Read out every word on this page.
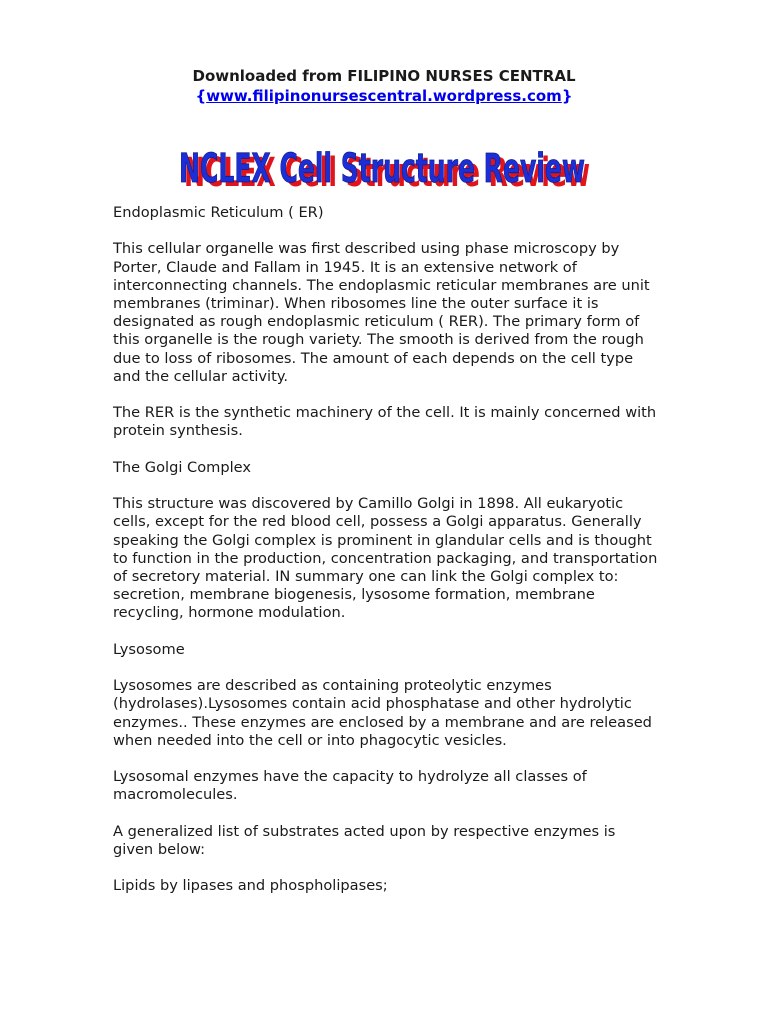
Downloaded from FILIPINO NURSES CENTRAL
{www.filipinonursescentral.wordpress.com}
NCLEX Cell Structure Review
NCLEX Cell Structure Review

Endoplasmic Reticulum ( ER)

This cellular organelle was first described using phase microscopy by Porter, Claude and Fallam in 1945. It is an extensive network of interconnecting channels. The endoplasmic reticular membranes are unit membranes (triminar). When ribosomes line the outer surface it is designated as rough endoplasmic reticulum ( RER). The primary form of this organelle is the rough variety. The smooth is derived from the rough due to loss of ribosomes. The amount of each depends on the cell type and the cellular activity.

The RER is the synthetic machinery of the cell. It is mainly concerned with protein synthesis.

The Golgi Complex

This structure was discovered by Camillo Golgi in 1898. All eukaryotic cells, except for the red blood cell, possess a Golgi apparatus. Generally speaking the Golgi complex is prominent in glandular cells and is thought to function in the production, concentration packaging, and transportation of secretory material. IN summary one can link the Golgi complex to: secretion, membrane biogenesis, lysosome formation, membrane recycling, hormone modulation.

Lysosome

Lysosomes are described as containing proteolytic enzymes (hydrolases).Lysosomes contain acid phosphatase and other hydrolytic enzymes.. These enzymes are enclosed by a membrane and are released when needed into the cell or into phagocytic vesicles.

Lysosomal enzymes have the capacity to hydrolyze all classes of macromolecules.

A generalized list of substrates acted upon by respective enzymes is given below:

Lipids by lipases and phospholipases;
